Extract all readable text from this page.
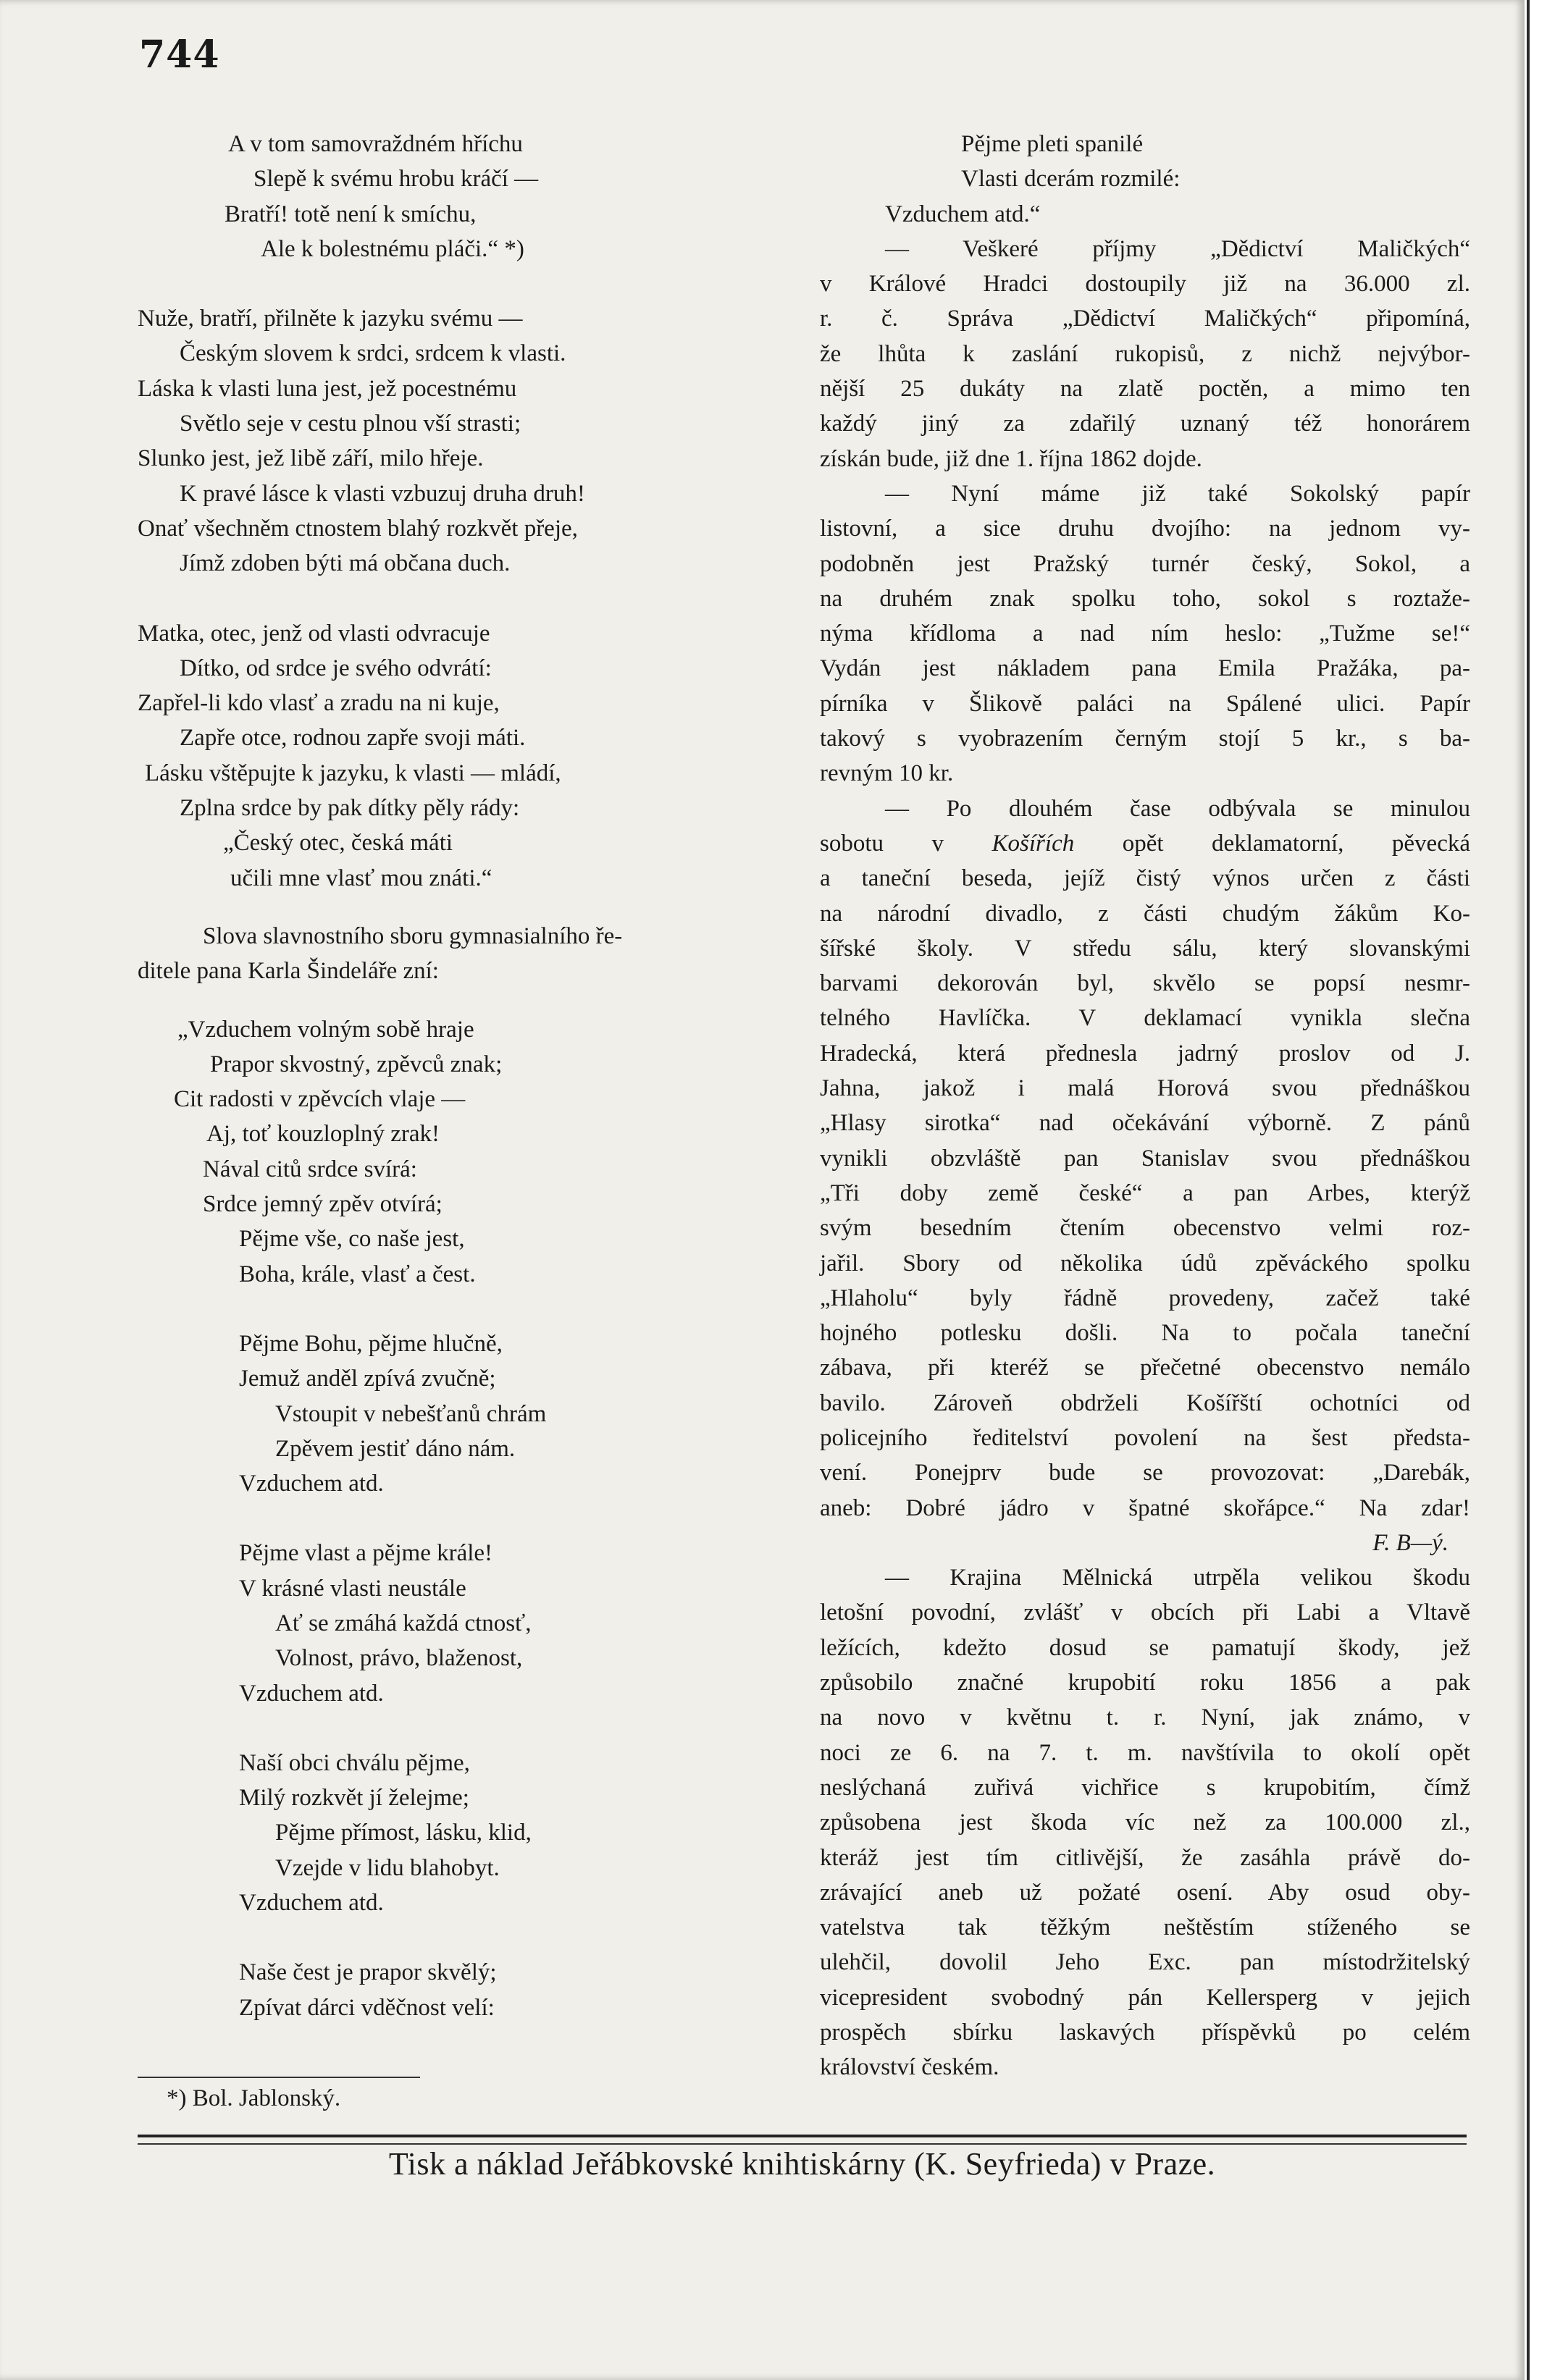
744
A v tom samovraždném hříchu
Slepě k svému hrobu kráčí —
Bratří! totě není k smíchu,
Ale k bolestnému pláči.“ *)
Nuže, bratří, přilněte k jazyku svému —
Českým slovem k srdci, srdcem k vlasti.
Láska k vlasti luna jest, jež pocestnému
Světlo seje v cestu plnou vší strasti;
Slunko jest, jež libě září, milo hřeje.
K pravé lásce k vlasti vzbuzuj druha druh!
Onať všechněm ctnostem blahý rozkvět přeje,
Jímž zdoben býti má občana duch.
Matka, otec, jenž od vlasti odvracuje
Dítko, od srdce je svého odvrátí:
Zapřel-li kdo vlasť a zradu na ni kuje,
Zapře otce, rodnou zapře svoji máti.
Lásku vštěpujte k jazyku, k vlasti — mládí,
Zplna srdce by pak dítky pěly rády:
„Český otec, česká máti
učili mne vlasť mou znáti.“
Slova slavnostního sboru gymnasialního ře-
ditele pana Karla Šindeláře zní:
„Vzduchem volným sobě hraje
Prapor skvostný, zpěvců znak;
Cit radosti v zpěvcích vlaje —
Aj, toť kouzloplný zrak!
Nával citů srdce svírá:
Srdce jemný zpěv otvírá;
Pějme vše, co naše jest,
Boha, krále, vlasť a čest.
Pějme Bohu, pějme hlučně,
Jemuž anděl zpívá zvučně;
Vstoupit v nebešťanů chrám
Zpěvem jestiť dáno nám.
Vzduchem atd.
Pějme vlast a pějme krále!
V krásné vlasti neustále
Ať se zmáhá každá ctnosť,
Volnost, právo, blaženost,
Vzduchem atd.
Naší obci chválu pějme,
Milý rozkvět jí želejme;
Pějme přímost, lásku, klid,
Vzejde v lidu blahobyt.
Vzduchem atd.
Naše čest je prapor skvělý;
Zpívat dárci vděčnost velí:
*) Bol. Jablonský.
Pějme pleti spanilé
Vlasti dcerám rozmilé:
Vzduchem atd.“
— Veškeré příjmy „Dědictví Maličkých“
v Králové Hradci dostoupily již na 36.000 zl.
r. č. Správa „Dědictví Maličkých“ připomíná,
že lhůta k zaslání rukopisů, z nichž nejvýbor-
nější 25 dukáty na zlatě poctěn, a mimo ten
každý jiný za zdařilý uznaný též honorárem
získán bude, již dne 1. října 1862 dojde.
— Nyní máme již také Sokolský papír
listovní, a sice druhu dvojího: na jednom vy-
podobněn jest Pražský turnér český, Sokol, a
na druhém znak spolku toho, sokol s roztaže-
nýma křídloma a nad ním heslo: „Tužme se!“
Vydán jest nákladem pana Emila Pražáka, pa-
pírníka v Šlikově paláci na Spálené ulici. Papír
takový s vyobrazením černým stojí 5 kr., s ba-
revným 10 kr.
— Po dlouhém čase odbývala se minulou
sobotu v Košířích opět deklamatorní, pěvecká
a taneční beseda, jejíž čistý výnos určen z části
na národní divadlo, z části chudým žákům Ko-
šířské školy. V středu sálu, který slovanskými
barvami dekorován byl, skvělo se popsí nesmr-
telného Havlíčka. V deklamací vynikla slečna
Hradecká, která přednesla jadrný proslov od J.
Jahna, jakož i malá Horová svou přednáškou
„Hlasy sirotka“ nad očekávání výborně. Z pánů
vynikli obzvláště pan Stanislav svou přednáškou
„Tři doby země české“ a pan Arbes, kterýž
svým besedním čtením obecenstvo velmi roz-
jařil. Sbory od několika údů zpěváckého spolku
„Hlaholu“ byly řádně provedeny, začež také
hojného potlesku došli. Na to počala taneční
zábava, při kteréž se přečetné obecenstvo nemálo
bavilo. Zároveň obdrželi Košířští ochotníci od
policejního ředitelství povolení na šest předsta-
vení. Ponejprv bude se provozovat: „Darebák,
aneb: Dobré jádro v špatné skořápce.“ Na zdar!
F. B—ý.
— Krajina Mělnická utrpěla velikou škodu
letošní povodní, zvlášť v obcích při Labi a Vltavě
ležících, kdežto dosud se pamatují škody, jež
způsobilo značné krupobití roku 1856 a pak
na novo v květnu t. r. Nyní, jak známo, v
noci ze 6. na 7. t. m. navštívila to okolí opět
neslýchaná zuřivá vichřice s krupobitím, čímž
způsobena jest škoda víc než za 100.000 zl.,
kteráž jest tím citlivější, že zasáhla právě do-
zrávající aneb už požaté osení. Aby osud oby-
vatelstva tak těžkým neštěstím stíženého se
ulehčil, dovolil Jeho Exc. pan místodržitelský
vicepresident svobodný pán Kellersperg v jejich
prospěch sbírku laskavých příspěvků po celém
království českém.
Tisk a náklad Jeřábkovské knihtiskárny (K. Seyfrieda) v Praze.
